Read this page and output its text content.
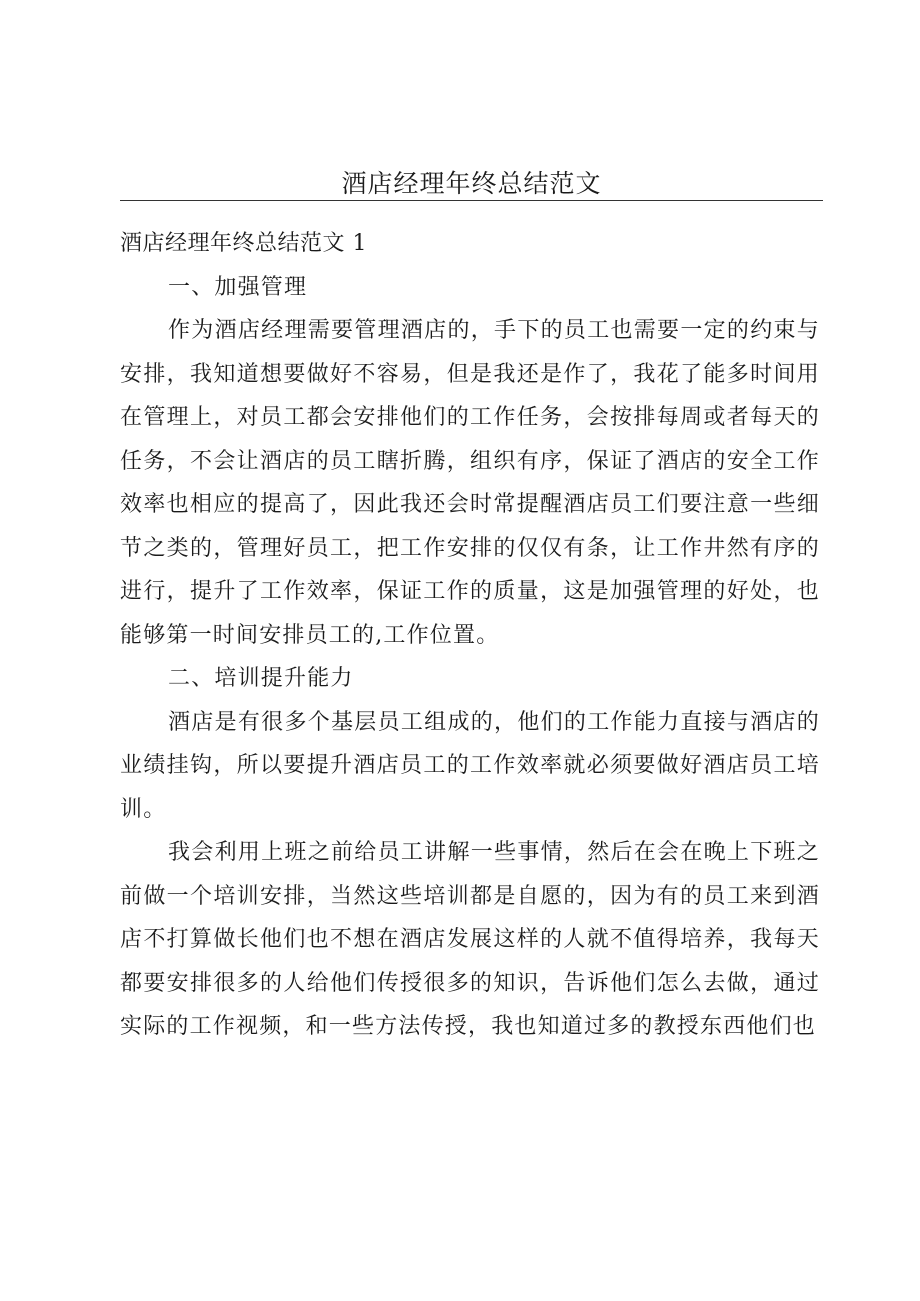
酒店经理年终总结范文

酒店经理年终总结范文 1

一、加强管理

作为酒店经理需要管理酒店的，手下的员工也需要一定的约束与安排，我知道想要做好不容易，但是我还是作了，我花了能多时间用在管理上，对员工都会安排他们的工作任务，会按排每周或者每天的任务，不会让酒店的员工瞎折腾，组织有序，保证了酒店的安全工作效率也相应的提高了，因此我还会时常提醒酒店员工们要注意一些细节之类的，管理好员工，把工作安排的仅仅有条，让工作井然有序的进行，提升了工作效率，保证工作的质量，这是加强管理的好处，也能够第一时间安排员工的,工作位置。

二、培训提升能力

酒店是有很多个基层员工组成的，他们的工作能力直接与酒店的业绩挂钩，所以要提升酒店员工的工作效率就必须要做好酒店员工培训。

我会利用上班之前给员工讲解一些事情，然后在会在晚上下班之前做一个培训安排，当然这些培训都是自愿的，因为有的员工来到酒店不打算做长他们也不想在酒店发展这样的人就不值得培养，我每天都要安排很多的人给他们传授很多的知识，告诉他们怎么去做，通过实际的工作视频，和一些方法传授，我也知道过多的教授东西他们也
